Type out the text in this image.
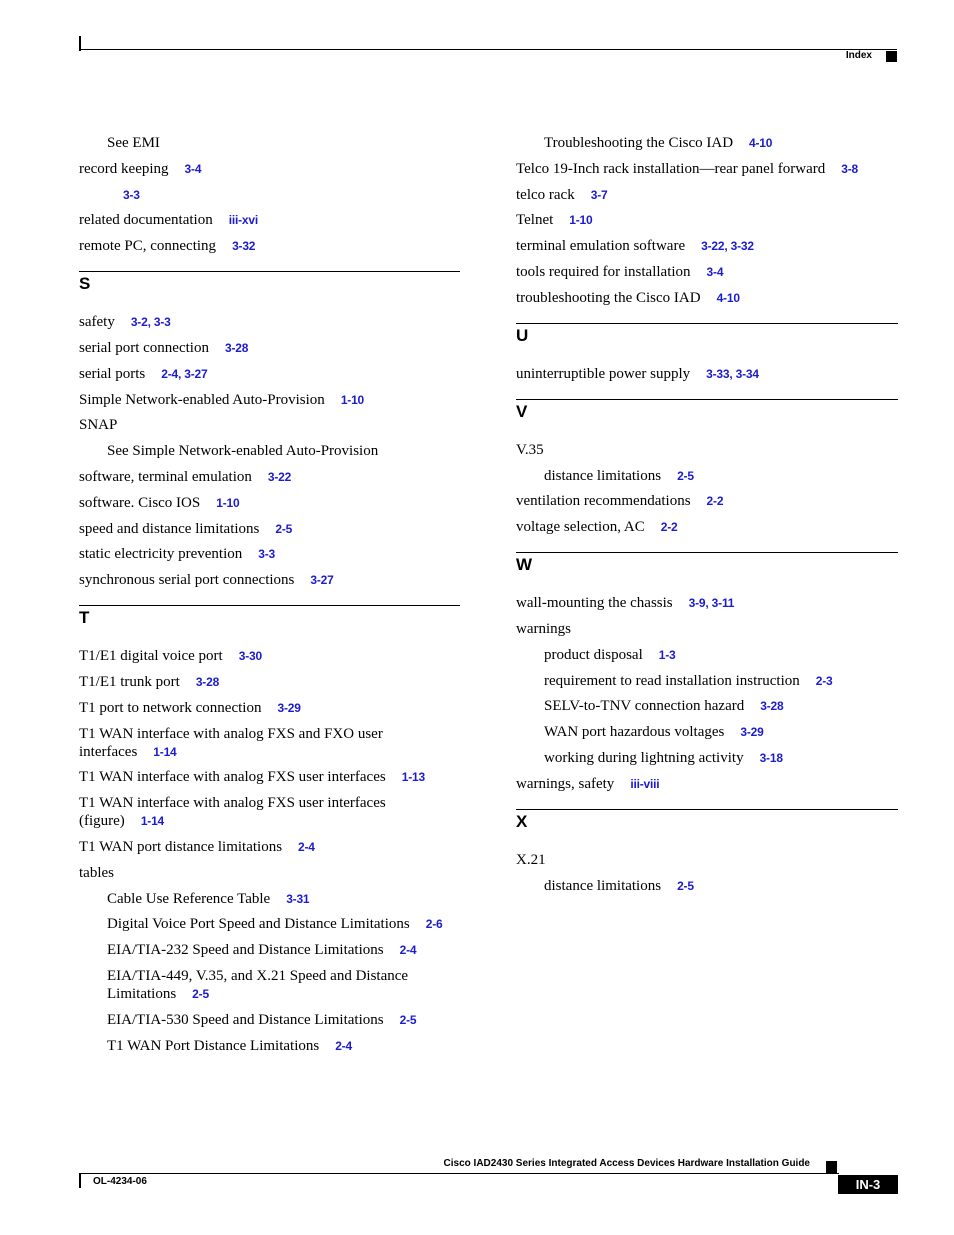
Index
See EMI
record keeping 3-4
3-3
related documentation iii-xvi
remote PC, connecting 3-32
S
safety 3-2, 3-3
serial port connection 3-28
serial ports 2-4, 3-27
Simple Network-enabled Auto-Provision 1-10
SNAP
See Simple Network-enabled Auto-Provision
software, terminal emulation 3-22
software. Cisco IOS 1-10
speed and distance limitations 2-5
static electricity prevention 3-3
synchronous serial port connections 3-27
T
T1/E1 digital voice port 3-30
T1/E1 trunk port 3-28
T1 port to network connection 3-29
T1 WAN interface with analog FXS and FXO user interfaces 1-14
T1 WAN interface with analog FXS user interfaces 1-13
T1 WAN interface with analog FXS user interfaces (figure) 1-14
T1 WAN port distance limitations 2-4
tables
Cable Use Reference Table 3-31
Digital Voice Port Speed and Distance Limitations 2-6
EIA/TIA-232 Speed and Distance Limitations 2-4
EIA/TIA-449, V.35, and X.21 Speed and Distance Limitations 2-5
EIA/TIA-530 Speed and Distance Limitations 2-5
T1 WAN Port Distance Limitations 2-4
Troubleshooting the Cisco IAD 4-10
Telco 19-Inch rack installation—rear panel forward 3-8
telco rack 3-7
Telnet 1-10
terminal emulation software 3-22, 3-32
tools required for installation 3-4
troubleshooting the Cisco IAD 4-10
U
uninterruptible power supply 3-33, 3-34
V
V.35
distance limitations 2-5
ventilation recommendations 2-2
voltage selection, AC 2-2
W
wall-mounting the chassis 3-9, 3-11
warnings
product disposal 1-3
requirement to read installation instruction 2-3
SELV-to-TNV connection hazard 3-28
WAN port hazardous voltages 3-29
working during lightning activity 3-18
warnings, safety iii-viii
X
X.21
distance limitations 2-5
Cisco IAD2430 Series Integrated Access Devices Hardware Installation Guide
OL-4234-06	IN-3
